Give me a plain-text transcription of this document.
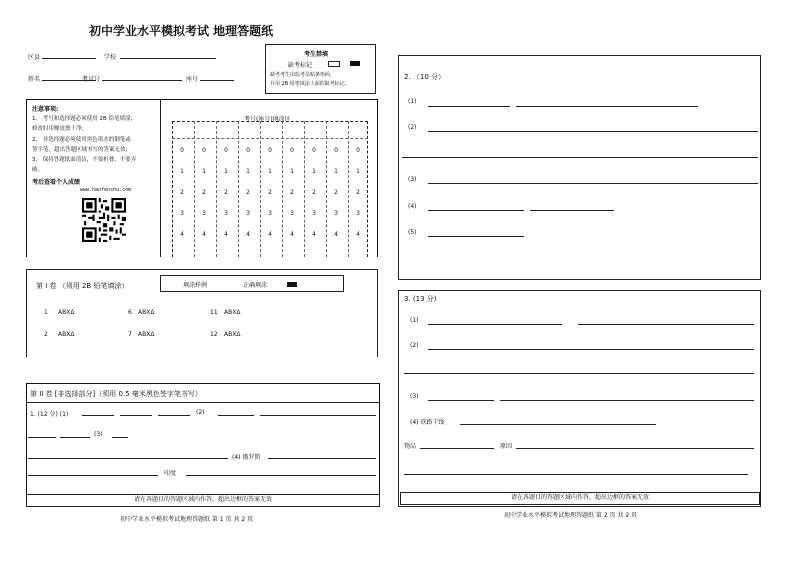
初中学业水平模拟考试 地理答题纸
区县	学校
姓名	考试号	座号
考生禁填
缺考标记
缺考考生由监考员贴条形码，
并用 2B 铅笔填涂上面的缺考标记。
注意事项:
1、 考号和选择题必须使用 2B 铅笔填涂，
修改时用橡皮擦干净；
2、 非选择题必须使用黑色墨水的钢笔或
签字笔，超出答题区域书写的答案无效；
3、 保持答题纸面清洁，不要折叠，不要弄
破。
考后查看个人成绩
www.haofenshu.com
考号(座号)填涂区
0	0	0	0	0	0	0	0	0
1	1	1	1	1	1	1	1	1
2	2	2	2	2	2	2	2	2
3	3	3	3	3	3	3	3	3
4	4	4	4	4	4	4	4	4
第 I 卷 （须用 2B 铅笔填涂）	填涂样例	正确填涂
1 ABXΔ
2 ABXΔ
6 ABXΔ
7 ABXΔ
11 ABXΔ
12 ABXΔ
第 II 卷 [非选择部分]（须用 0.5 毫米黑色签字笔书写）
1. (12 分) (1)	(2)
(3)
(4) 俄罗斯
印度
请在各题目的答题区域内作答，超出边框的答案无效
初中学业水平模拟考试地理答题纸 第 1 页 共 2 页
2. （10 分）
(1)
(2)
(3)
(4)
(5)
3. (13 分)
(1)
(2)
(3)
(4) 铁路干线
物品	原因
请在各题目的答题区域内作答，超出边框的答案无效
初中学业水平模拟考试地理答题纸 第 2 页 共 2 页
